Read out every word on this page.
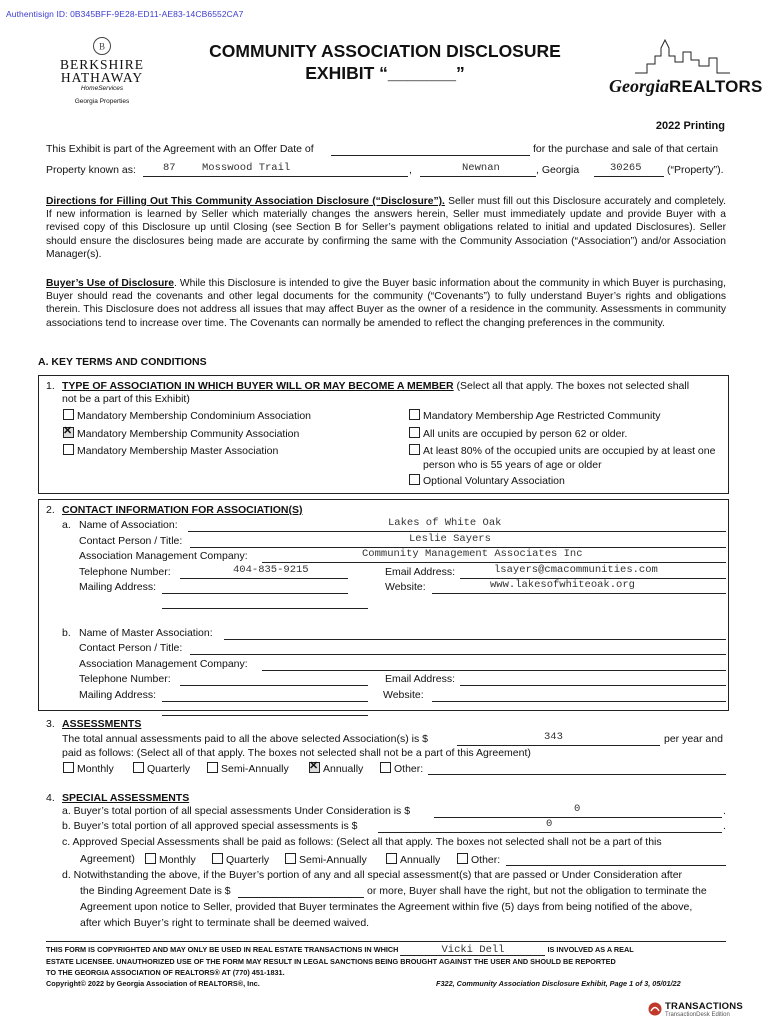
Authentisign ID: 0B345BFF-9E28-ED11-AE83-14CB6552CA7
B
BERKSHIRE
HATHAWAY
HomeServices
Georgia Properties
COMMUNITY ASSOCIATION DISCLOSURE
EXHIBIT “_______”
GeorgiaREALTORS
2022 Printing
This Exhibit is part of the Agreement with an Offer Date of	for the purchase and sale of that certain
Property known as:	87	Mosswood Trail	,	Newnan	, Georgia	30265 (“Property”).
Directions for Filling Out This Community Association Disclosure (“Disclosure”). Seller must fill out this Disclosure accurately and completely. If new information is learned by Seller which materially changes the answers herein, Seller must immediately update and provide Buyer with a revised copy of this Disclosure up until Closing (see Section B for Seller’s payment obligations related to initial and updated Disclosures). Seller should ensure the disclosures being made are accurate by confirming the same with the Community Association (“Association”) and/or Association Manager(s).
Buyer’s Use of Disclosure. While this Disclosure is intended to give the Buyer basic information about the community in which Buyer is purchasing, Buyer should read the covenants and other legal documents for the community (“Covenants”) to fully understand Buyer’s rights and obligations therein. This Disclosure does not address all issues that may affect Buyer as the owner of a residence in the community. Assessments in community associations tend to increase over time. The Covenants can normally be amended to reflect the changing preferences in the community.
A. KEY TERMS AND CONDITIONS
1. TYPE OF ASSOCIATION IN WHICH BUYER WILL OR MAY BECOME A MEMBER (Select all that apply. The boxes not selected shall
not be a part of this Exhibit)
Mandatory Membership Condominium Association
✕Mandatory Membership Community Association
Mandatory Membership Master Association
Mandatory Membership Age Restricted Community
All units are occupied by person 62 or older.
At least 80% of the occupied units are occupied by at least one
person who is 55 years of age or older
Optional Voluntary Association
2. CONTACT INFORMATION FOR ASSOCIATION(S)
a. Name of Association:	Lakes of White Oak
Contact Person / Title:	Leslie Sayers
Association Management Company:	Community Management Associates Inc
Telephone Number:	404-835-9215	Email Address:	lsayers@cmacommunities.com
Mailing Address:	Website:	www.lakesofwhiteoak.org
b. Name of Master Association:
Contact Person / Title:
Association Management Company:
Telephone Number:	Email Address:
Mailing Address:	Website:
3. ASSESSMENTS
The total annual assessments paid to all the above selected Association(s) is $	343	per year and
paid as follows: (Select all of that apply. The boxes not selected shall not be a part of this Agreement)
Monthly	Quarterly	Semi-Annually
✕	Annually	Other:
4. SPECIAL ASSESSMENTS
a. Buyer’s total portion of all special assessments Under Consideration is $	0	.
b. Buyer’s total portion of all approved special assessments is $	0	.
c. Approved Special Assessments shall be paid as follows: (Select all that apply. The boxes not selected shall not be a part of this
Agreement)	Monthly	Quarterly	Semi-Annually	Annually	Other:
d. Notwithstanding the above, if the Buyer’s portion of any and all special assessment(s) that are passed or Under Consideration after
the Binding Agreement Date is $	or more, Buyer shall have the right, but not the obligation to terminate the
Agreement upon notice to Seller, provided that Buyer terminates the Agreement within five (5) days from being notified of the above,
after which Buyer’s right to terminate shall be deemed waived.
THIS FORM IS COPYRIGHTED AND MAY ONLY BE USED IN REAL ESTATE TRANSACTIONS IN WHICH	Vicki Dell	IS INVOLVED AS A REAL
ESTATE LICENSEE. UNAUTHORIZED USE OF THE FORM MAY RESULT IN LEGAL SANCTIONS BEING BROUGHT AGAINST THE USER AND SHOULD BE REPORTED
TO THE GEORGIA ASSOCIATION OF REALTORS® AT (770) 451-1831.
Copyright© 2022 by Georgia Association of REALTORS®, Inc.	F322, Community Association Disclosure Exhibit, Page 1 of 3, 05/01/22
TRANSACTIONS
TransactionDesk Edition
